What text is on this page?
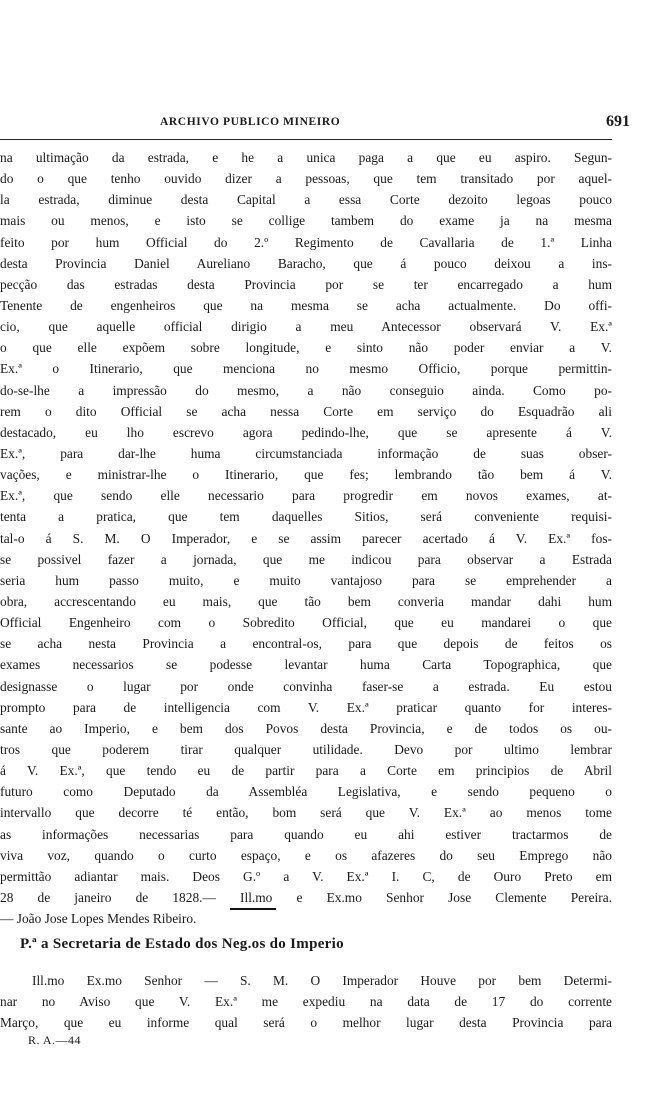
ARCHIVO PUBLICO MINEIRO	691
na ultimação da estrada, e he a unica paga a que eu aspiro. Segun-
do o que tenho ouvido dizer a pessoas, que tem transitado por aquel-
la estrada, diminue desta Capital a essa Corte dezoito legoas pouco
mais ou menos, e isto se collige tambem do exame ja na mesma
feito por hum Official do 2.º Regimento de Cavallaria de 1.ª Linha
desta Provincia Daniel Aureliano Baracho, que á pouco deixou a ins-
pecção das estradas desta Provincia por se ter encarregado a hum
Tenente de engenheiros que na mesma se acha actualmente. Do offi-
cio, que aquelle official dirigio a meu Antecessor observará V. Ex.ª
o que elle expõem sobre longitude, e sinto não poder enviar a V.
Ex.ª o Itinerario, que menciona no mesmo Officio, porque permittin-
do-se-lhe a impressão do mesmo, a não conseguio ainda. Como po-
rem o dito Official se acha nessa Corte em serviço do Esquadrão ali
destacado, eu lho escrevo agora pedindo-lhe, que se apresente á V.
Ex.ª, para dar-lhe huma circumstanciada informação de suas obser-
vações, e ministrar-lhe o Itinerario, que fes; lembrando tão bem á V.
Ex.ª, que sendo elle necessario para progredir em novos exames, at-
tenta a pratica, que tem daquelles Sitios, será conveniente requisi-
tal-o á S. M. O Imperador, e se assim parecer acertado á V. Ex.ª fos-
se possivel fazer a jornada, que me indicou para observar a Estrada
seria hum passo muito, e muito vantajoso para se emprehender a
obra, accrescentando eu mais, que tão bem converia mandar dahi hum
Official Engenheiro com o Sobredito Official, que eu mandarei o que
se acha nesta Provincia a encontral-os, para que depois de feitos os
exames necessarios se podesse levantar huma Carta Topographica, que
designasse o lugar por onde convinha faser-se a estrada. Eu estou
prompto para de intelligencia com V. Ex.ª praticar quanto for interes-
sante ao Imperio, e bem dos Povos desta Provincia, e de todos os ou-
tros que poderem tirar qualquer utilidade. Devo por ultimo lembrar
á V. Ex.ª, que tendo eu de partir para a Corte em principios de Abril
futuro como Deputado da Assembléa Legislativa, e sendo pequeno o
intervallo que decorre té então, bom será que V. Ex.ª ao menos tome
as informações necessarias para quando eu ahi estiver tractarmos de
viva voz, quando o curto espaço, e os afazeres do seu Emprego não
permittão adiantar mais. Deos G.º a V. Ex.ª I. C, de Ouro Preto em
28 de janeiro de 1828.— Ill.mo e Ex.mo Senhor Jose Clemente Pereira.
— João Jose Lopes Mendes Ribeiro.
P.ª a Secretaria de Estado dos Neg.os do Imperio
Ill.mo Ex.mo Senhor — S. M. O Imperador Houve por bem Determi-
nar no Aviso que V. Ex.ª me expediu na data de 17 do corrente
Março, que eu informe qual será o melhor lugar desta Provincia para
R. A.—44
